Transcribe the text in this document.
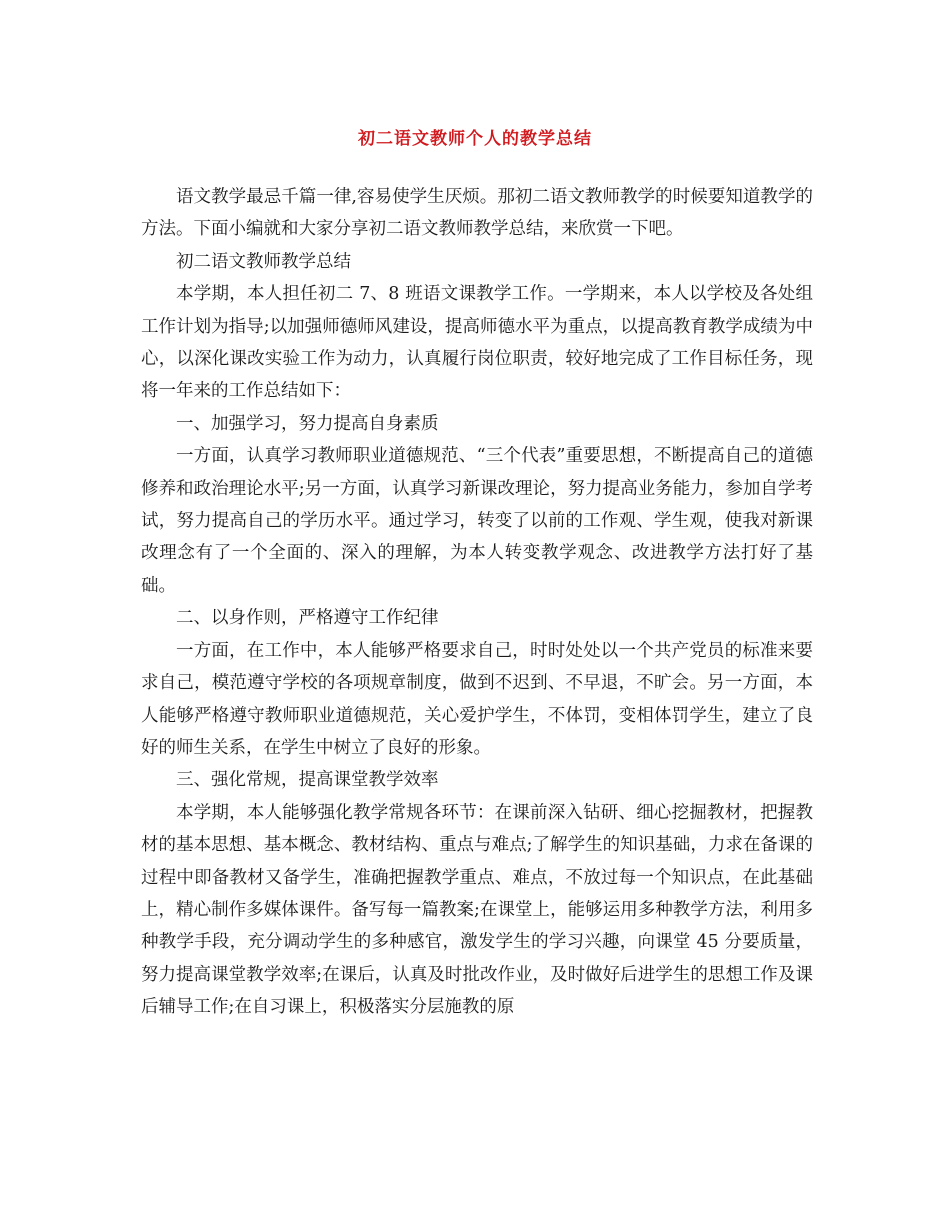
初二语文教师个人的教学总结

语文教学最忌千篇一律,容易使学生厌烦。那初二语文教师教学的时候要知道教学的方法。下面小编就和大家分享初二语文教师教学总结，来欣赏一下吧。

初二语文教师教学总结

本学期，本人担任初二 7、8 班语文课教学工作。一学期来，本人以学校及各处组工作计划为指导;以加强师德师风建设，提高师德水平为重点，以提高教育教学成绩为中心，以深化课改实验工作为动力，认真履行岗位职责，较好地完成了工作目标任务，现将一年来的工作总结如下：

一、加强学习，努力提高自身素质

一方面，认真学习教师职业道德规范、“三个代表”重要思想，不断提高自己的道德修养和政治理论水平;另一方面，认真学习新课改理论，努力提高业务能力，参加自学考试，努力提高自己的学历水平。通过学习，转变了以前的工作观、学生观，使我对新课改理念有了一个全面的、深入的理解，为本人转变教学观念、改进教学方法打好了基础。

二、以身作则，严格遵守工作纪律

一方面，在工作中，本人能够严格要求自己，时时处处以一个共产党员的标准来要求自己，模范遵守学校的各项规章制度，做到不迟到、不早退，不旷会。另一方面，本人能够严格遵守教师职业道德规范，关心爱护学生，不体罚，变相体罚学生，建立了良好的师生关系，在学生中树立了良好的形象。

三、强化常规，提高课堂教学效率

本学期，本人能够强化教学常规各环节：在课前深入钻研、细心挖掘教材，把握教材的基本思想、基本概念、教材结构、重点与难点;了解学生的知识基础，力求在备课的过程中即备教材又备学生，准确把握教学重点、难点，不放过每一个知识点，在此基础上，精心制作多媒体课件。备写每一篇教案;在课堂上，能够运用多种教学方法，利用多种教学手段，充分调动学生的多种感官，激发学生的学习兴趣，向课堂 45 分要质量，努力提高课堂教学效率;在课后，认真及时批改作业，及时做好后进学生的思想工作及课后辅导工作;在自习课上，积极落实分层施教的原
